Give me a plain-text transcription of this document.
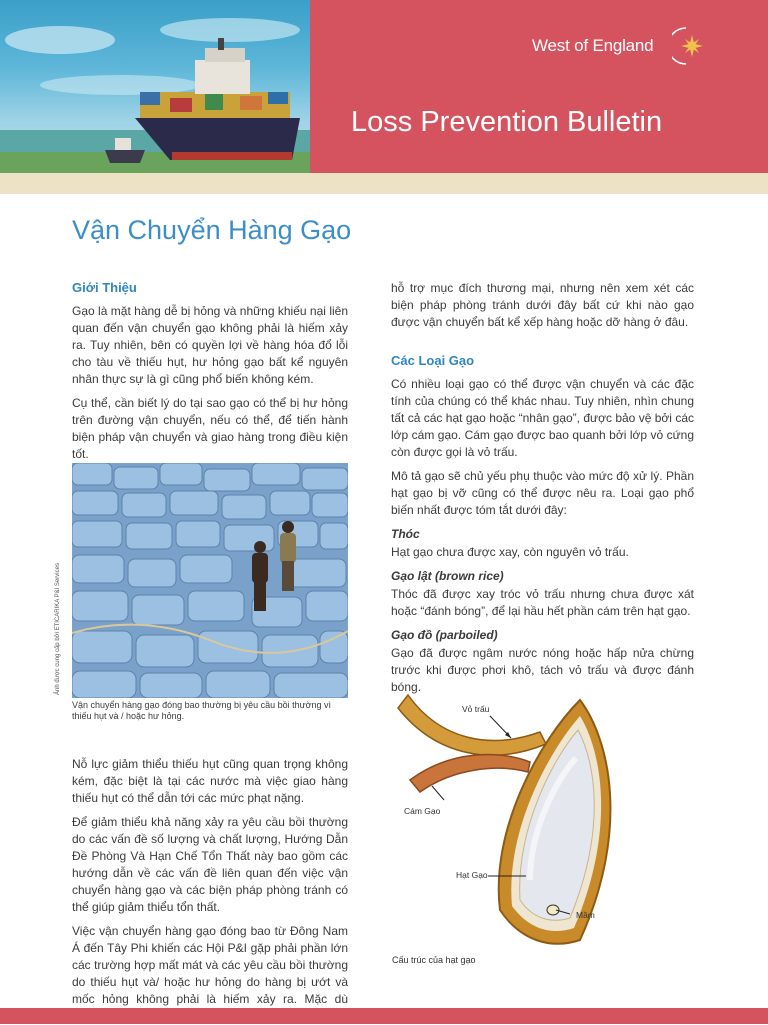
West of England
Loss Prevention Bulletin
Vận Chuyển Hàng Gạo
Giới Thiệu

Gạo là mặt hàng dễ bị hỏng và những khiếu nại liên quan đến vận chuyển gạo không phải là hiếm xảy ra. Tuy nhiên, bên có quyền lợi về hàng hóa đổ lỗi cho tàu về thiếu hụt, hư hỏng gạo bất kể nguyên nhân thực sự là gì cũng phổ biến không kém.

Cụ thể, cần biết lý do tại sao gạo có thể bị hư hỏng trên đường vận chuyển, nếu có thể, để tiến hành biện pháp vận chuyển và giao hàng trong điều kiện tốt.

Ảnh được cung cấp bởi ETICARIKA P&I Services
Vận chuyển hàng gạo đóng bao thường bị yêu cầu bồi thường vì thiếu hụt và / hoặc hư hỏng.

Nỗ lực giảm thiểu thiếu hụt cũng quan trọng không kém, đặc biệt là tại các nước mà việc giao hàng thiếu hụt có thể dẫn tới các mức phạt nặng.

Để giảm thiểu khả năng xảy ra yêu cầu bồi thường do các vấn đề số lượng và chất lượng, Hướng Dẫn Đề Phòng Và Hạn Chế Tổn Thất này bao gồm các hướng dẫn về các vấn đề liên quan đến việc vận chuyển hàng gạo và các biện pháp phòng tránh có thể giúp giảm thiểu tổn thất.

Việc vận chuyển hàng gạo đóng bao từ Đông Nam Á đến Tây Phi khiến các Hội P&I gặp phải phần lớn các trường hợp mất mát và các yêu cầu bồi thường do thiếu hụt và/ hoặc hư hỏng do hàng bị ướt và mốc hỏng không phải là hiếm xảy ra. Mặc dù

hỗ trợ mục đích thương mại, nhưng nên xem xét các biện pháp phòng tránh dưới đây bất cứ khi nào gạo được vận chuyển bất kể xếp hàng hoặc dỡ hàng ở đâu.

Các Loại Gạo

Có nhiều loại gạo có thể được vận chuyển và các đặc tính của chúng có thể khác nhau. Tuy nhiên, nhìn chung tất cả các hạt gạo hoặc “nhân gạo”, được bảo vệ bởi các lớp cám gạo. Cám gạo được bao quanh bởi lớp vỏ cứng còn được gọi là vỏ trấu.

Mô tả gạo sẽ chủ yếu phụ thuộc vào mức độ xử lý. Phần hạt gạo bị vỡ cũng có thể được nêu ra. Loại gạo phổ biến nhất được tóm tắt dưới đây:

Thóc

Hạt gạo chưa được xay, còn nguyên vỏ trấu.

Gạo lật (brown rice)

Thóc đã được xay tróc vỏ trấu nhưng chưa được xát hoặc “đánh bóng”, để lại hầu hết phần cám trên hạt gạo.

Gạo đồ (parboiled)

Gạo đã được ngâm nước nóng hoặc hấp nửa chừng trước khi được phơi khô, tách vỏ trấu và được đánh bóng.

Vỏ trấu
Cám Gạo
Hạt Gạo
Mầm
Cấu trúc của hạt gạo
